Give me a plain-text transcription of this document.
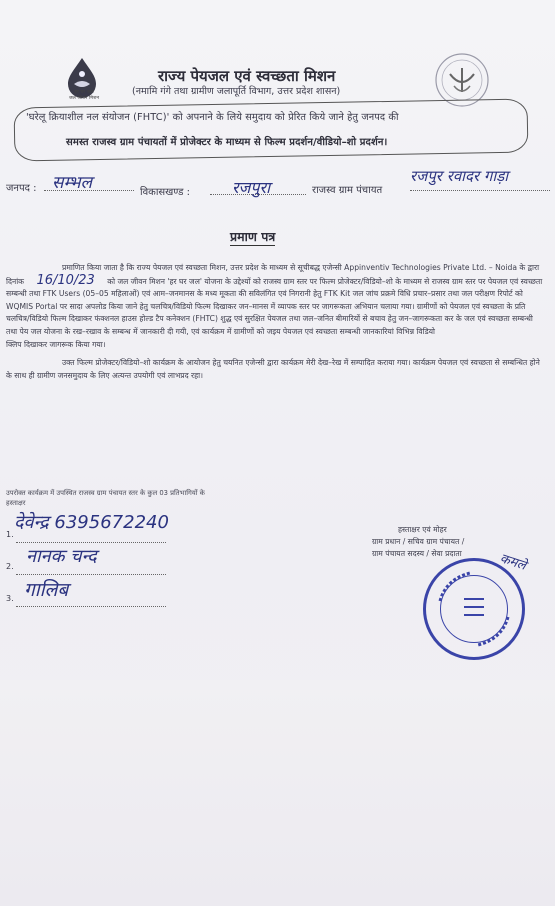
हर घर जल
जल जीवन मिशन
राज्य पेयजल एवं स्वच्छता मिशन
(नमामि गंगे तथा ग्रामीण जलापूर्ति विभाग, उत्तर प्रदेश शासन)
'घरेलू क्रियाशील नल संयोजन (FHTC)' को अपनाने के लिये समुदाय को प्रेरित किये जाने हेतु जनपद की
समस्त राजस्व ग्राम पंचायतों में प्रोजेक्टर के माध्यम से फिल्म प्रदर्शन/वीडियो–शो प्रदर्शन।
जनपद : सम्भल	विकासखण्ड :	रजपुरा	राजस्व ग्राम पंचायत
रजपुर रवादर गाड़ा
प्रमाण पत्र

प्रमाणित किया जाता है कि राज्य पेयजल एवं स्वच्छता मिशन, उत्तर प्रदेश के माध्यम से सूचीबद्ध एजेन्सी Appinventiv Technologies Private Ltd. – Noida के द्वारा दिनांक 16/10/23 को जल जीवन मिशन 'हर घर जल' योजना के उद्देश्यों को राजस्व ग्राम स्तर पर फिल्म प्रोजेक्टर/विडियो–शो के माध्यम से राजस्व ग्राम स्तर पर पेयजल एवं स्वच्छता सम्बन्धी तथा FTK Users (05–05 महिलाओं) एवं आम–जनमानस के मध्य मूकता की सविलंगित एवं निगरानी हेतु FTK Kit जल जांच प्रक्रमे विधि प्रचार–प्रसार तथा जल परीक्षण रिपोर्ट को WQMIS Portal पर सादा अपलोड किया जाने हेतु चलचित्र/विडियो फिल्म दिखाकर जन–मानस में व्यापक स्तर पर जागरूकता अभियान चलाया गया। ग्रामीणों को पेयजल एवं स्वच्छता के प्रति चलचित्र/विडियो फिल्म दिखाकर फंक्शनल हाउस होल्ड टैप कनेक्शन (FHTC) शुद्ध एवं सुरक्षित पेयजल तथा जल–जनित बीमारियों से बचाव हेतु जन–जागरूकता कर के जल एवं स्वच्छता सम्बन्धी तथा पेय जल योजना के रख–रखाव के सम्बन्ध में जानकारी दी गयी, एवं कार्यक्रम में ग्रामीणों को जइय पेयजल एवं स्वच्छता सम्बन्धी जानकारियां विभिन्न विडियो

क्लिप दिखाकर जागरूक किया गया।

उक्त फिल्म प्रोजेक्टर/विडियो–शो कार्यक्रम के आयोजन हेतु चयनित एजेन्सी द्वारा कार्यक्रम मेरी देख–रेख में सम्पादित कराया गया। कार्यक्रम पेयजल एवं स्वच्छता से सम्बन्धित होने के साथ ही ग्रामीण जनसमुदाय के लिए अत्यन्त उपयोगी एवं लाभप्रद रहा।

उपरोक्त कार्यक्रम में उपस्थित राजस्व ग्राम पंचायत स्तर के कुल 03 प्रतिभागियों के
हस्ताक्षर
1.
देवेन्द्र 6395672240
2. नानक चन्द
3. गालिब
हस्ताक्षर एवं मोहर
ग्राम प्रधान / सचिव ग्राम पंचायत /
ग्राम पंचायत सदस्य / सेवा प्रदाता	कमले
